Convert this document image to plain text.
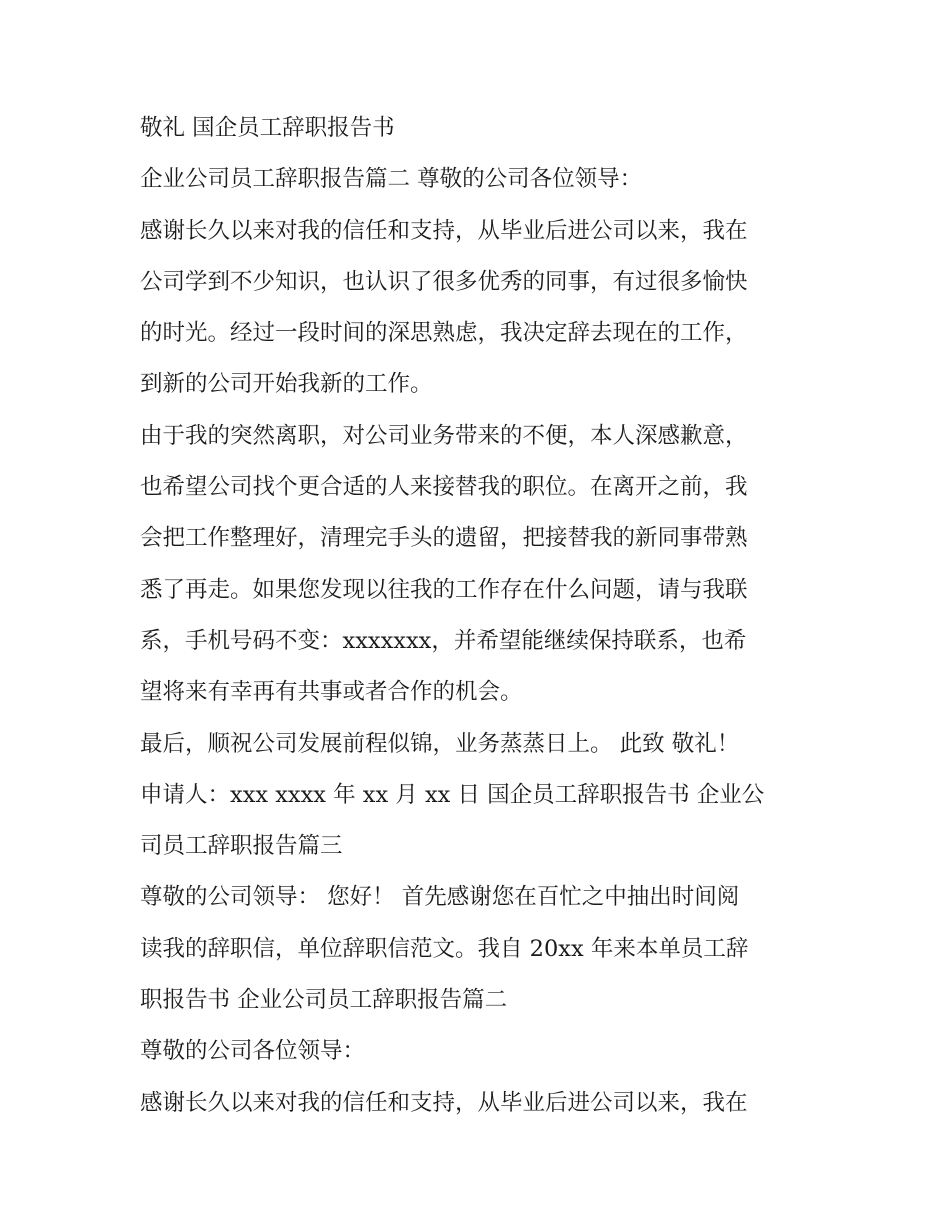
敬礼 国企员工辞职报告书
企业公司员工辞职报告篇二 尊敬的公司各位领导：
感谢长久以来对我的信任和支持，从毕业后进公司以来，我在
公司学到不少知识，也认识了很多优秀的同事，有过很多愉快
的时光。经过一段时间的深思熟虑，我决定辞去现在的工作，
到新的公司开始我新的工作。
由于我的突然离职，对公司业务带来的不便，本人深感歉意，
也希望公司找个更合适的人来接替我的职位。在离开之前，我
会把工作整理好，清理完手头的遗留，把接替我的新同事带熟
悉了再走。如果您发现以往我的工作存在什么问题，请与我联
系，手机号码不变：xxxxxxx，并希望能继续保持联系，也希
望将来有幸再有共事或者合作的机会。
最后，顺祝公司发展前程似锦，业务蒸蒸日上。 此致 敬礼！
申请人：xxx xxxx 年 xx 月 xx 日 国企员工辞职报告书 企业公
司员工辞职报告篇三
尊敬的公司领导： 您好！ 首先感谢您在百忙之中抽出时间阅
读我的辞职信，单位辞职信范文。我自 20xx 年来本单员工辞
职报告书 企业公司员工辞职报告篇二
尊敬的公司各位领导：
感谢长久以来对我的信任和支持，从毕业后进公司以来，我在
